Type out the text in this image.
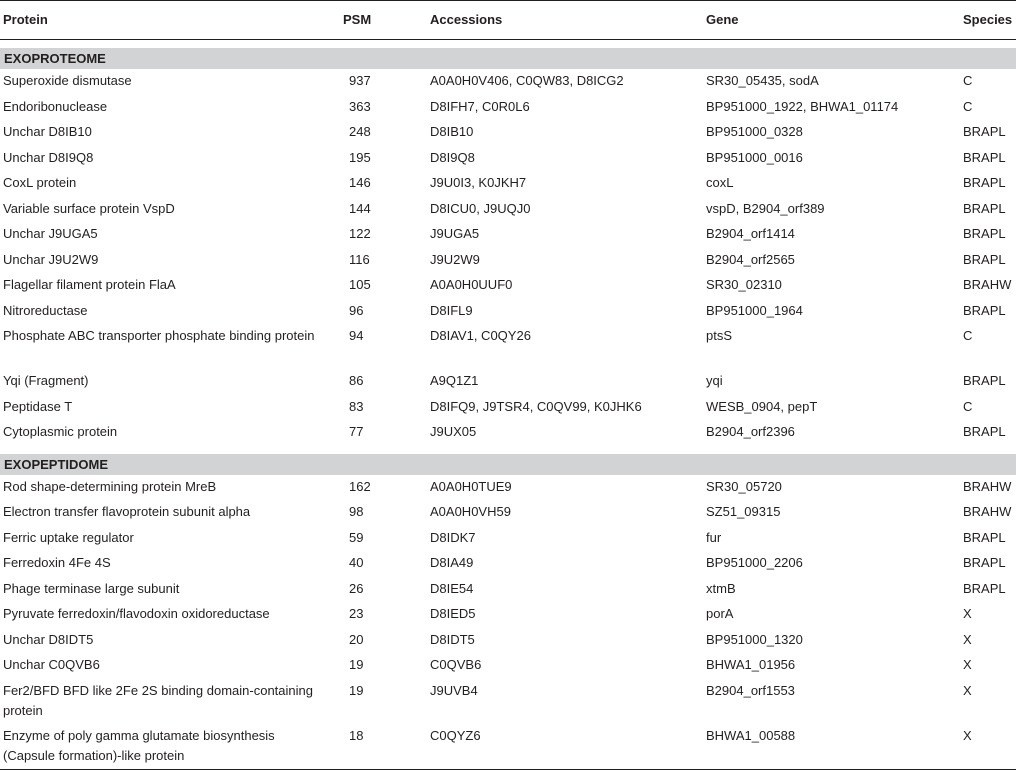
Protein	PSM	Accessions	Gene	Species

EXOPROTEOME				
Superoxide dismutase	937	A0A0H0V406, C0QW83, D8ICG2	SR30_05435, sodA	C
Endoribonuclease	363	D8IFH7, C0R0L6	BP951000_1922, BHWA1_01174	C
Unchar D8IB10	248	D8IB10	BP951000_0328	BRAPL
Unchar D8I9Q8	195	D8I9Q8	BP951000_0016	BRAPL
CoxL protein	146	J9U0I3, K0JKH7	coxL	BRAPL
Variable surface protein VspD	144	D8ICU0, J9UQJ0	vspD, B2904_orf389	BRAPL
Unchar J9UGA5	122	J9UGA5	B2904_orf1414	BRAPL
Unchar J9U2W9	116	J9U2W9	B2904_orf2565	BRAPL
Flagellar filament protein FlaA	105	A0A0H0UUF0	SR30_02310	BRAHW
Nitroreductase	96	D8IFL9	BP951000_1964	BRAPL
Phosphate ABC transporter phosphate binding protein	94	D8IAV1, C0QY26	ptsS	C
Yqi (Fragment)	86	A9Q1Z1	yqi	BRAPL
Peptidase T	83	D8IFQ9, J9TSR4, C0QV99, K0JHK6	WESB_0904, pepT	C
Cytoplasmic protein	77	J9UX05	B2904_orf2396	BRAPL

EXOPEPTIDOME				
Rod shape-determining protein MreB	162	A0A0H0TUE9	SR30_05720	BRAHW
Electron transfer flavoprotein subunit alpha	98	A0A0H0VH59	SZ51_09315	BRAHW
Ferric uptake regulator	59	D8IDK7	fur	BRAPL
Ferredoxin 4Fe 4S	40	D8IA49	BP951000_2206	BRAPL
Phage terminase large subunit	26	D8IE54	xtmB	BRAPL
Pyruvate ferredoxin/flavodoxin oxidoreductase	23	D8IED5	porA	X
Unchar D8IDT5	20	D8IDT5	BP951000_1320	X
Unchar C0QVB6	19	C0QVB6	BHWA1_01956	X
Fer2/BFD BFD like 2Fe 2S binding domain-containing protein	19	J9UVB4	B2904_orf1553	X
Enzyme of poly gamma glutamate biosynthesis (Capsule formation)-like protein	18	C0QYZ6	BHWA1_00588	X
